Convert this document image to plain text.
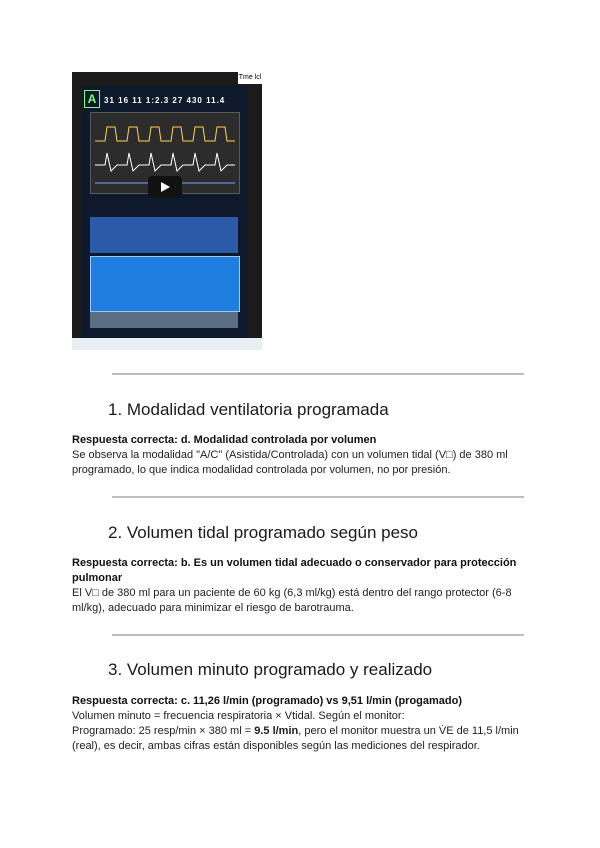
A 31 16 11 1:2.3 27 430 11.4
Tme lcl
1. Modalidad ventilatoria programada

Respuesta correcta: d. Modalidad controlada por volumen

Se observa la modalidad "A/C" (Asistida/Controlada) con un volumen tidal (V□) de 380 ml
programado, lo que indica modalidad controlada por volumen, no por presión.
2. Volumen tidal programado según peso

Respuesta correcta: b. Es un volumen tidal adecuado o conservador para protección pulmonar

El V□ de 380 ml para un paciente de 60 kg (6,3 ml/kg) está dentro del rango protector (6-8
ml/kg), adecuado para minimizar el riesgo de barotrauma.
3. Volumen minuto programado y realizado

Respuesta correcta: c. 11,26 l/min (programado) vs 9,51 l/min (progamado)

Volumen minuto = frecuencia respiratoria × Vtidal. Según el monitor:
Programado: 25 resp/min × 380 ml = 9.5 l/min, pero el monitor muestra un V̇E de 11,5 l/min
(real), es decir, ambas cifras están disponibles según las mediciones del respirador.
